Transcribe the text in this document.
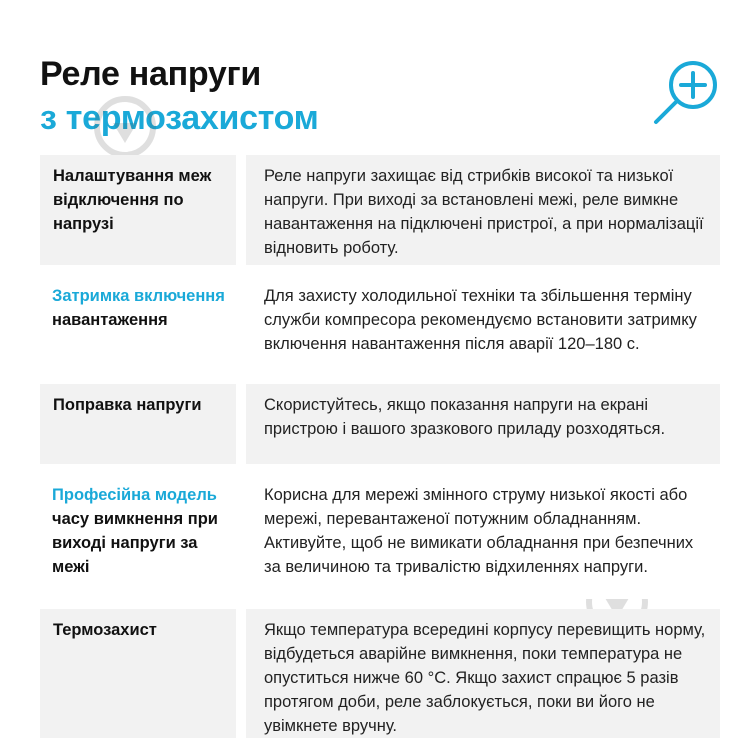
Реле напруги
з термозахистом
Налаштування меж відключення по напрузі
Реле напруги захищає від стрибків високої та низької напруги. При виході за встановлені межі, реле вимкне навантаження на підключені пристрої, а при нормалізації відновить роботу.
Затримка включення
навантаження
Для захисту холодильної техніки та збільшення терміну служби компресора рекомендуємо встановити затримку включення навантаження після аварії 120–180 с.
Поправка напруги	Скористуйтесь, якщо показання напруги на екрані пристрою і вашого зразкового приладу розходяться.
Професійна модель
часу вимкнення при виході напруги за межі
Корисна для мережі змінного струму низької якості або мережі, перевантаженої потужним обладнанням. Активуйте, щоб не вимикати обладнання при безпечних за величиною та тривалістю відхиленнях напруги.
Термозахист	Якщо температура всередині корпусу перевищить норму, відбудеться аварійне вимкнення, поки температура не опуститься нижче 60 °C. Якщо захист спрацює 5 разів протягом доби, реле заблокується, поки ви його не увімкнете вручну.
